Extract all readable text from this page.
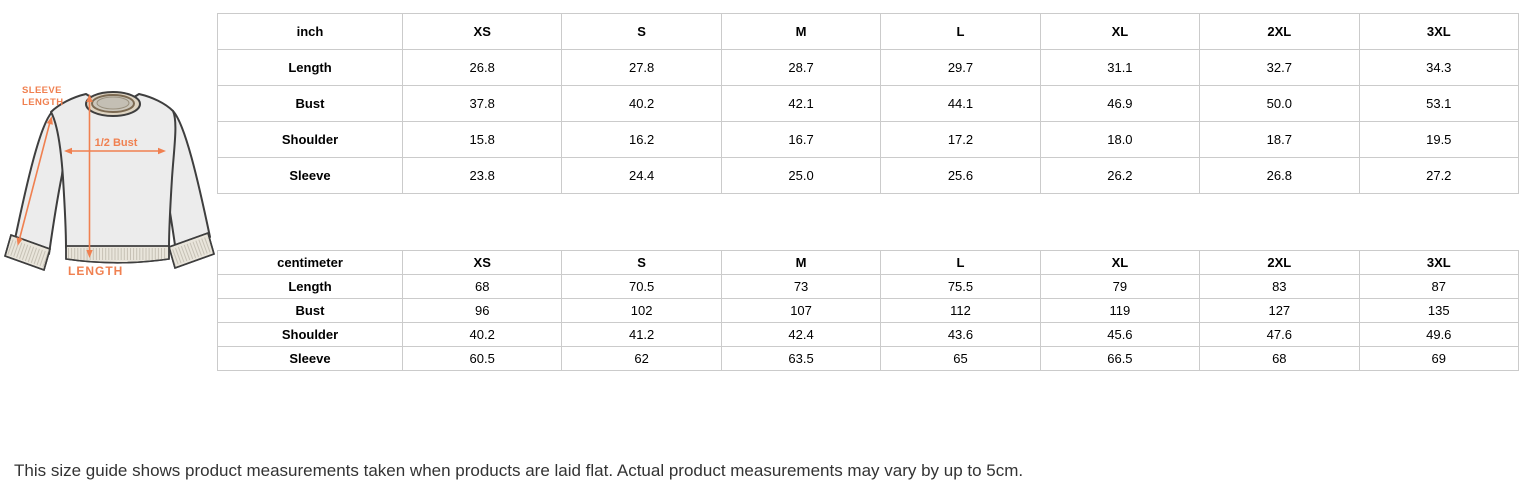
SLEEVE
LENGTH
1/2 Bust
LENGTH
inch	XS	S	M	L	XL	2XL	3XL
Length	26.8	27.8	28.7	29.7	31.1	32.7	34.3
Bust	37.8	40.2	42.1	44.1	46.9	50.0	53.1
Shoulder	15.8	16.2	16.7	17.2	18.0	18.7	19.5
Sleeve	23.8	24.4	25.0	25.6	26.2	26.8	27.2
centimeter	XS	S	M	L	XL	2XL	3XL
Length	68	70.5	73	75.5	79	83	87
Bust	96	102	107	112	119	127	135
Shoulder	40.2	41.2	42.4	43.6	45.6	47.6	49.6
Sleeve	60.5	62	63.5	65	66.5	68	69

This size guide shows product measurements taken when products are laid flat. Actual product measurements may vary by up to 5cm.
